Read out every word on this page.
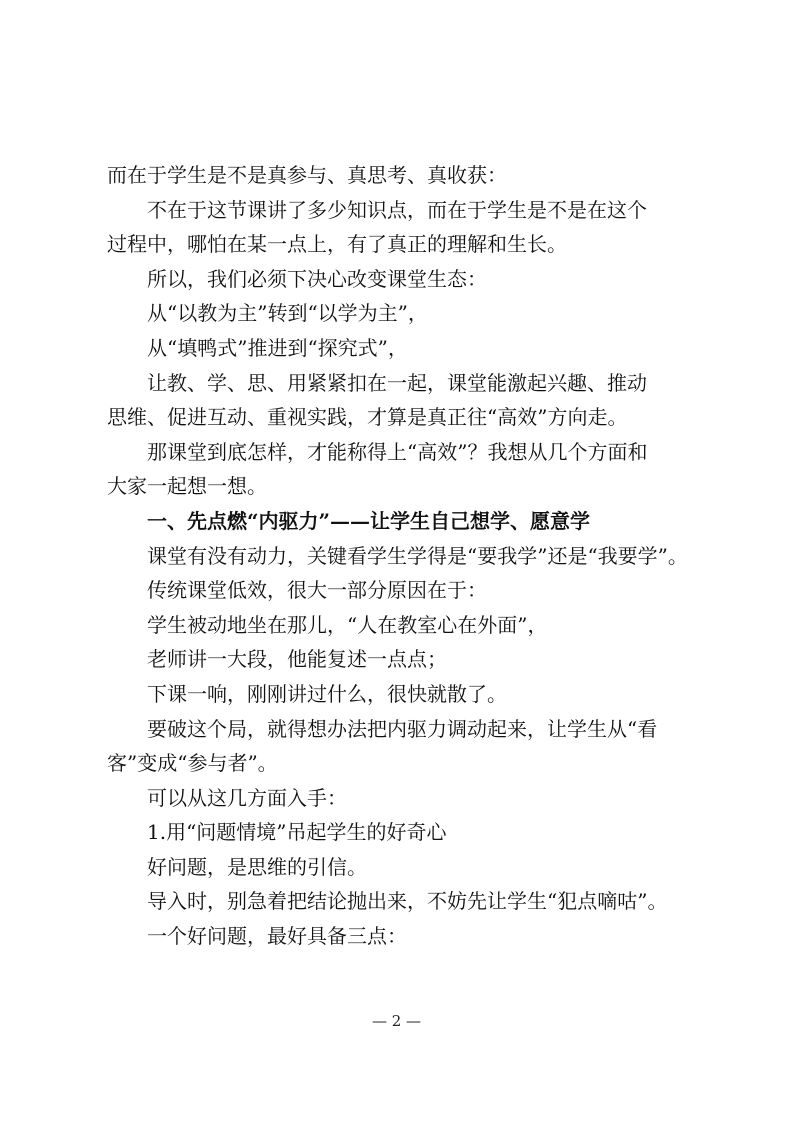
而在于学生是不是真参与、真思考、真收获：
不在于这节课讲了多少知识点，而在于学生是不是在这个
过程中，哪怕在某一点上，有了真正的理解和生长。
所以，我们必须下决心改变课堂生态：
从“以教为主”转到“以学为主”，
从“填鸭式”推进到“探究式”，
让教、学、思、用紧紧扣在一起，课堂能激起兴趣、推动
思维、促进互动、重视实践，才算是真正往“高效”方向走。
那课堂到底怎样，才能称得上“高效”？我想从几个方面和
大家一起想一想。
一、先点燃“内驱力”——让学生自己想学、愿意学
课堂有没有动力，关键看学生学得是“要我学”还是“我要学”。
传统课堂低效，很大一部分原因在于：
学生被动地坐在那儿，“人在教室心在外面”，
老师讲一大段，他能复述一点点；
下课一响，刚刚讲过什么，很快就散了。
要破这个局，就得想办法把内驱力调动起来，让学生从“看
客”变成“参与者”。
可以从这几方面入手：
1.用“问题情境”吊起学生的好奇心
好问题，是思维的引信。
导入时，别急着把结论抛出来，不妨先让学生“犯点嘀咕”。
一个好问题，最好具备三点：
— 2 —
